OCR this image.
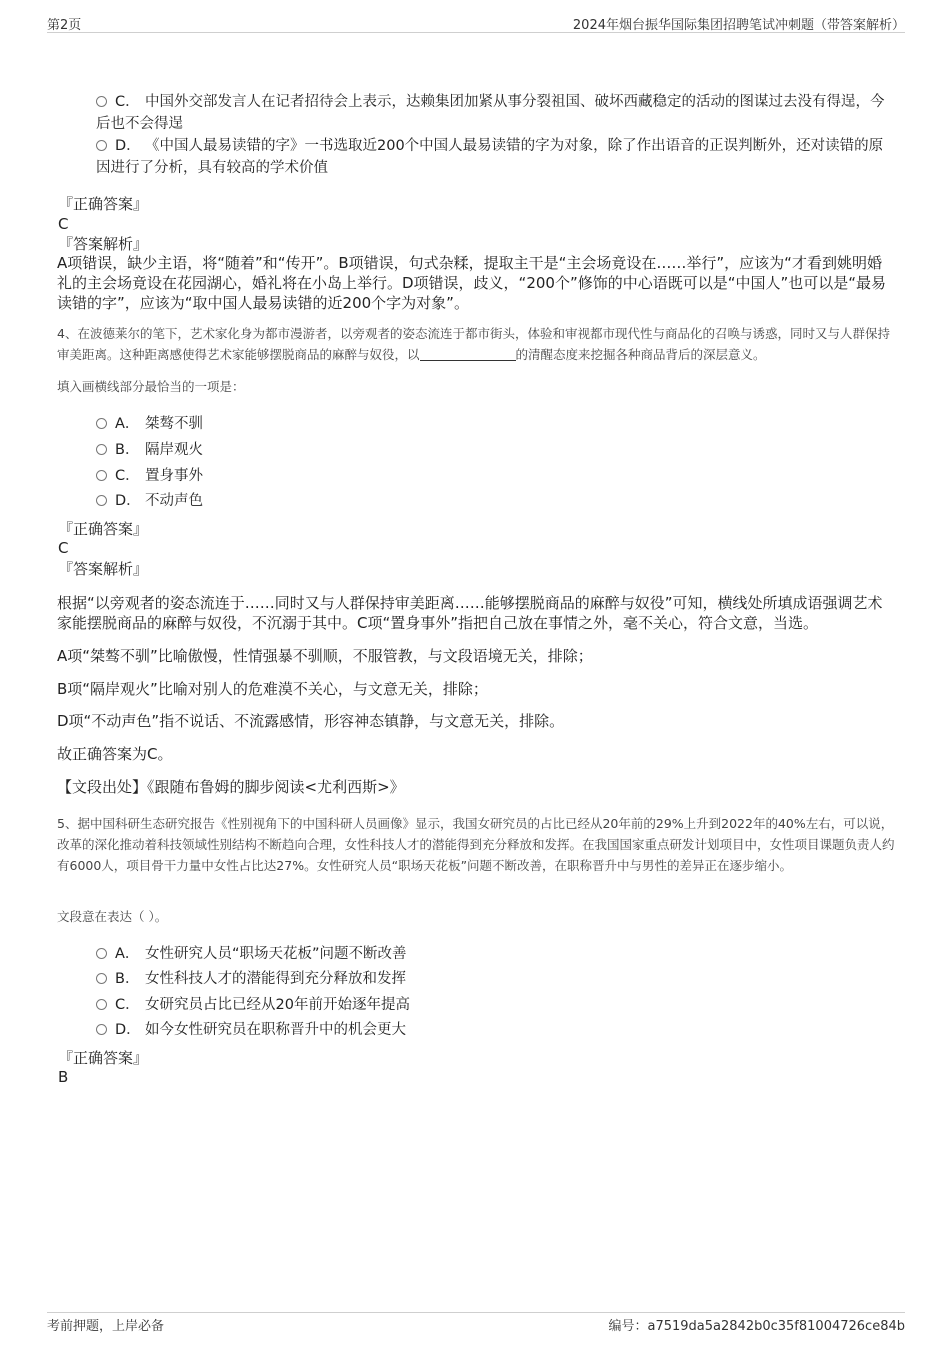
第2页	2024年烟台振华国际集团招聘笔试冲刺题（带答案解析）
C． 中国外交部发言人在记者招待会上表示，达赖集团加紧从事分裂祖国、破坏西藏稳定的活动的图谋过去没有得逞，今后也不会得逞
D． 《中国人最易读错的字》一书选取近200个中国人最易读错的字为对象，除了作出语音的正误判断外，还对读错的原因进行了分析，具有较高的学术价值
『正确答案』
C
『答案解析』
A项错误，缺少主语，将“随着”和“传开”。B项错误，句式杂糅，提取主干是“主会场竟设在……举行”，应该为“才看到姚明婚礼的主会场竟设在花园湖心，婚礼将在小岛上举行。D项错误，歧义，“200个”修饰的中心语既可以是“中国人”也可以是“最易读错的字”，应该为“取中国人最易读错的近200个字为对象”。
4、在波德莱尔的笔下，艺术家化身为都市漫游者，以旁观者的姿态流连于都市街头，体验和审视都市现代性与商品化的召唤与诱惑，同时又与人群保持审美距离。这种距离感使得艺术家能够摆脱商品的麻醉与奴役，以	的清醒态度来挖掘各种商品背后的深层意义。
填入画横线部分最恰当的一项是：
A． 桀骜不驯
B． 隔岸观火
C． 置身事外
D． 不动声色
『正确答案』
C
『答案解析』
根据“以旁观者的姿态流连于……同时又与人群保持审美距离……能够摆脱商品的麻醉与奴役”可知，横线处所填成语强调艺术家能摆脱商品的麻醉与奴役，不沉溺于其中。C项“置身事外”指把自己放在事情之外，毫不关心，符合文意，当选。
A项“桀骜不驯”比喻傲慢，性情强暴不驯顺，不服管教，与文段语境无关，排除；
B项“隔岸观火”比喻对别人的危难漠不关心，与文意无关，排除；
D项“不动声色”指不说话、不流露感情，形容神态镇静，与文意无关，排除。
故正确答案为C。
【文段出处】《跟随布鲁姆的脚步阅读<尤利西斯>》
5、据中国科研生态研究报告《性别视角下的中国科研人员画像》显示，我国女研究员的占比已经从20年前的29%上升到2022年的40%左右，可以说，改革的深化推动着科技领域性别结构不断趋向合理，女性科技人才的潜能得到充分释放和发挥。在我国国家重点研发计划项目中，女性项目课题负责人约有6000人，项目骨干力量中女性占比达27%。女性研究人员“职场天花板”问题不断改善，在职称晋升中与男性的差异正在逐步缩小。
文段意在表达（ ）。
A． 女性研究人员“职场天花板”问题不断改善
B． 女性科技人才的潜能得到充分释放和发挥
C． 女研究员占比已经从20年前开始逐年提高
D． 如今女性研究员在职称晋升中的机会更大
『正确答案』
B
考前押题，上岸必备	编号：a7519da5a2842b0c35f81004726ce84b
